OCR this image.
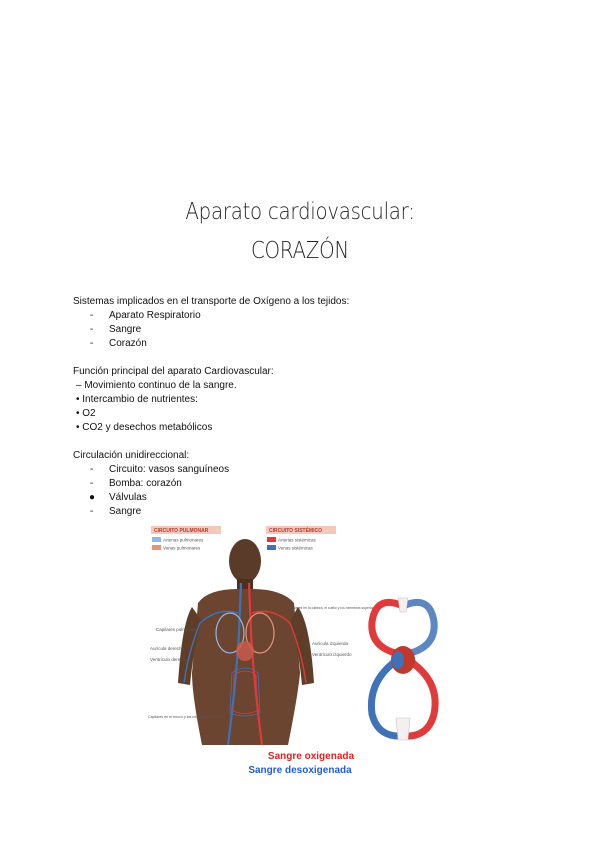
Aparato cardiovascular:
CORAZÓN
Sistemas implicados en el transporte de Oxígeno a los tejidos:
- Aparato Respiratorio
- Sangre
- Corazón
Función principal del aparato Cardiovascular:
– Movimiento continuo de la sangre.
• Intercambio de nutrientes:
• O2
• CO2 y desechos metabólicos
Circulación unidireccional:
- Circuito: vasos sanguíneos
- Bomba: corazón
● Válvulas
- Sangre
CIRCUITO PULMONAR
Arterias pulmonares
Venas pulmonares
CIRCUITO SISTÉMICO
Arterias sistémicas
Venas sistémicas
Capilares pulmonares
Aurícula derecha
Ventrículo derecho
Capilares en el tronco y los miembros inferiores
Capilares en la cabeza, el cuello y los miembros superiores
Aurícula izquierda
Ventrículo izquierdo
Sangre oxigenada
Sangre desoxigenada
